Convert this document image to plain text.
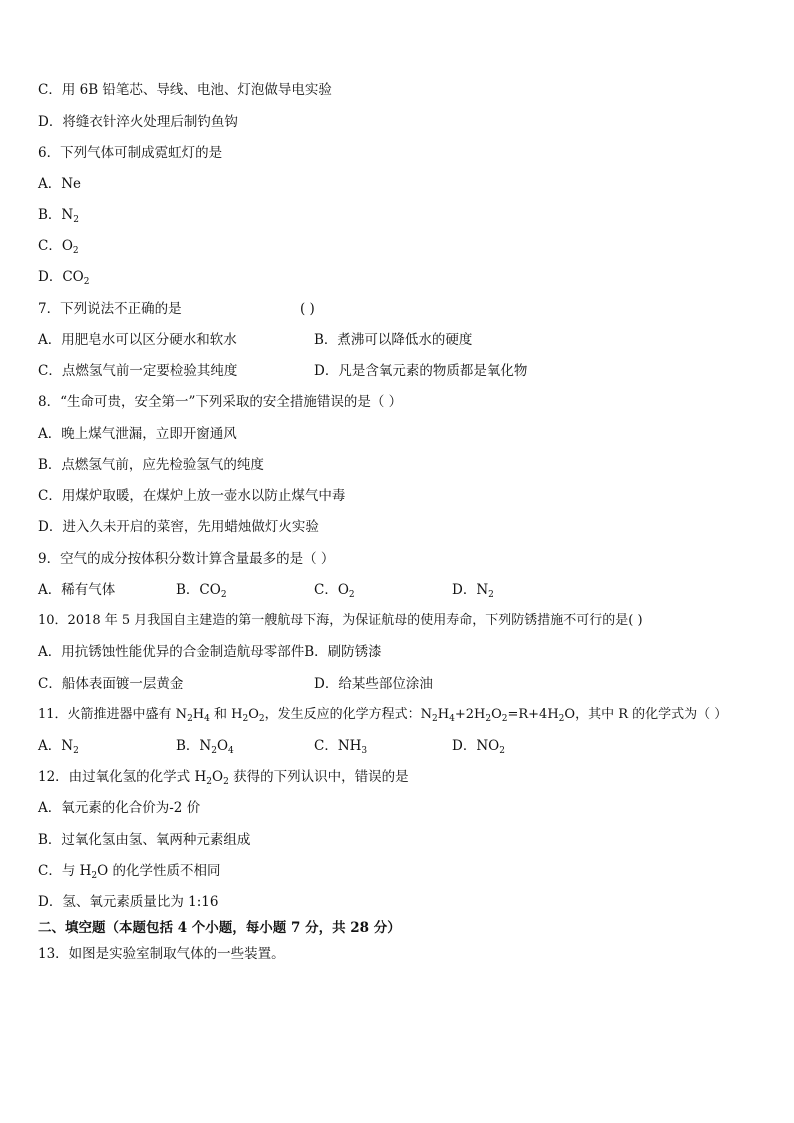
C．用 6B 铅笔芯、导线、电池、灯泡做导电实验
D．将缝衣针淬火处理后制钓鱼钩
6．下列气体可制成霓虹灯的是
A．Ne
B．$N_2$
C．$O_2$
D．$CO_2$
7．下列说法不正确的是	( )
A．用肥皂水可以区分硬水和软水	B．煮沸可以降低水的硬度
C．点燃氢气前一定要检验其纯度	D．凡是含氧元素的物质都是氧化物
8．“生命可贵，安全第一”下列采取的安全措施错误的是（ ）
A．晚上煤气泄漏，立即开窗通风
B．点燃氢气前，应先检验氢气的纯度
C．用煤炉取暖，在煤炉上放一壶水以防止煤气中毒
D．进入久未开启的菜窖，先用蜡烛做灯火实验
9．空气的成分按体积分数计算含量最多的是（ ）
A．稀有气体	B．$CO_2$	C．$O_2$	D．$N_2$
10．2018 年 5 月我国自主建造的第一艘航母下海，为保证航母的使用寿命，下列防锈措施不可行的是( )
A．用抗锈蚀性能优异的合金制造航母零部件B．刷防锈漆
C．船体表面镀一层黄金	D．给某些部位涂油
11．火箭推进器中盛有 $N_2H_4$ 和 $H_2O_2$，发生反应的化学方程式：$N_2H_4+2H_2O_2=R+4H_2O$，其中 R 的化学式为（ ）
A．$N_2$	B．$N_2O_4$	C．$NH_3$	D．$NO_2$
12．由过氧化氢的化学式 $H_2O_2$ 获得的下列认识中，错误的是
A．氧元素的化合价为-2 价
B．过氧化氢由氢、氧两种元素组成
C．与 $H_2O$ 的化学性质不相同
D．氢、氧元素质量比为 1:16
二、填空题（本题包括 4 个小题，每小题 7 分，共 28 分）
13．如图是实验室制取气体的一些装置。
